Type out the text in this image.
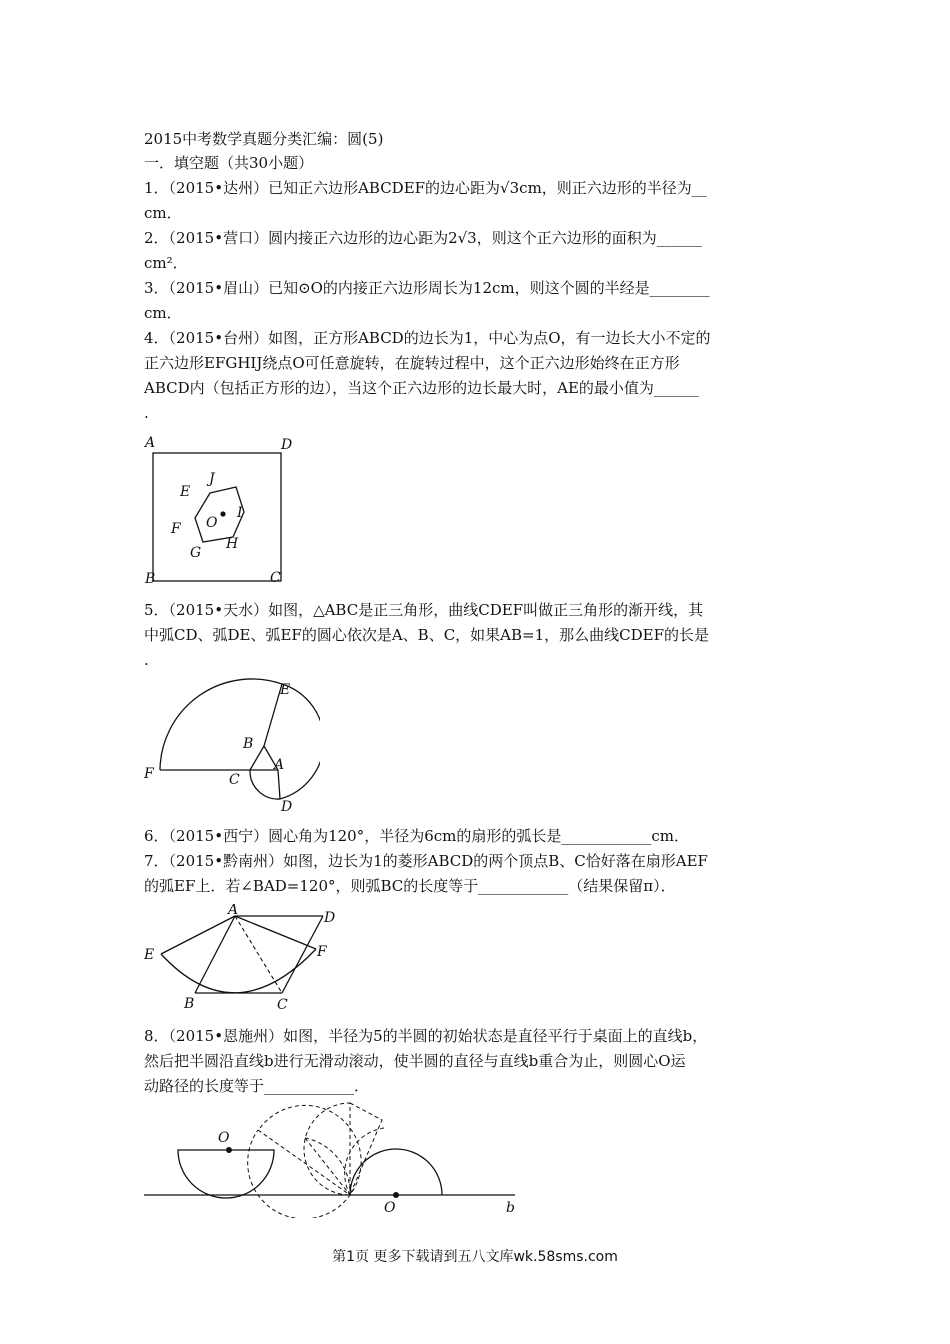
2015中考数学真题分类汇编：圆(5)
一．填空题（共30小题）
1．（2015•达州）已知正六边形ABCDEF的边心距为√3cm，则正六边形的半径为__
cm．
2．（2015•营口）圆内接正六边形的边心距为2√3，则这个正六边形的面积为______
cm²．
3．（2015•眉山）已知⊙O的内接正六边形周长为12cm，则这个圆的半经是________
cm．
4．（2015•台州）如图，正方形ABCD的边长为1，中心为点O，有一边长大小不定的
正六边形EFGHIJ绕点O可任意旋转，在旋转过程中，这个正六边形始终在正方形
ABCD内（包括正方形的边），当这个正六边形的边长最大时，AE的最小值为______
.
A	D
B	C
J
E
I
O
F
H
G
5．（2015•天水）如图，△ABC是正三角形，曲线CDEF叫做正三角形的渐开线，其
中弧CD、弧DE、弧EF的圆心依次是A、B、C，如果AB=1，那么曲线CDEF的长是
.
E
B
A
F	C
D
6．（2015•西宁）圆心角为120°，半径为6cm的扇形的弧长是____________cm．
7．（2015•黔南州）如图，边长为1的菱形ABCD的两个顶点B、C恰好落在扇形AEF
的弧EF上．若∠BAD=120°，则弧BC的长度等于____________（结果保留π）．
A	D
E	F
B	C
8．（2015•恩施州）如图，半径为5的半圆的初始状态是直径平行于桌面上的直线b，
然后把半圆沿直线b进行无滑动滚动，使半圆的直径与直线b重合为止，则圆心O运
动路径的长度等于____________．
O
O	b
第1页 更多下载请到五八文库wk.58sms.com
